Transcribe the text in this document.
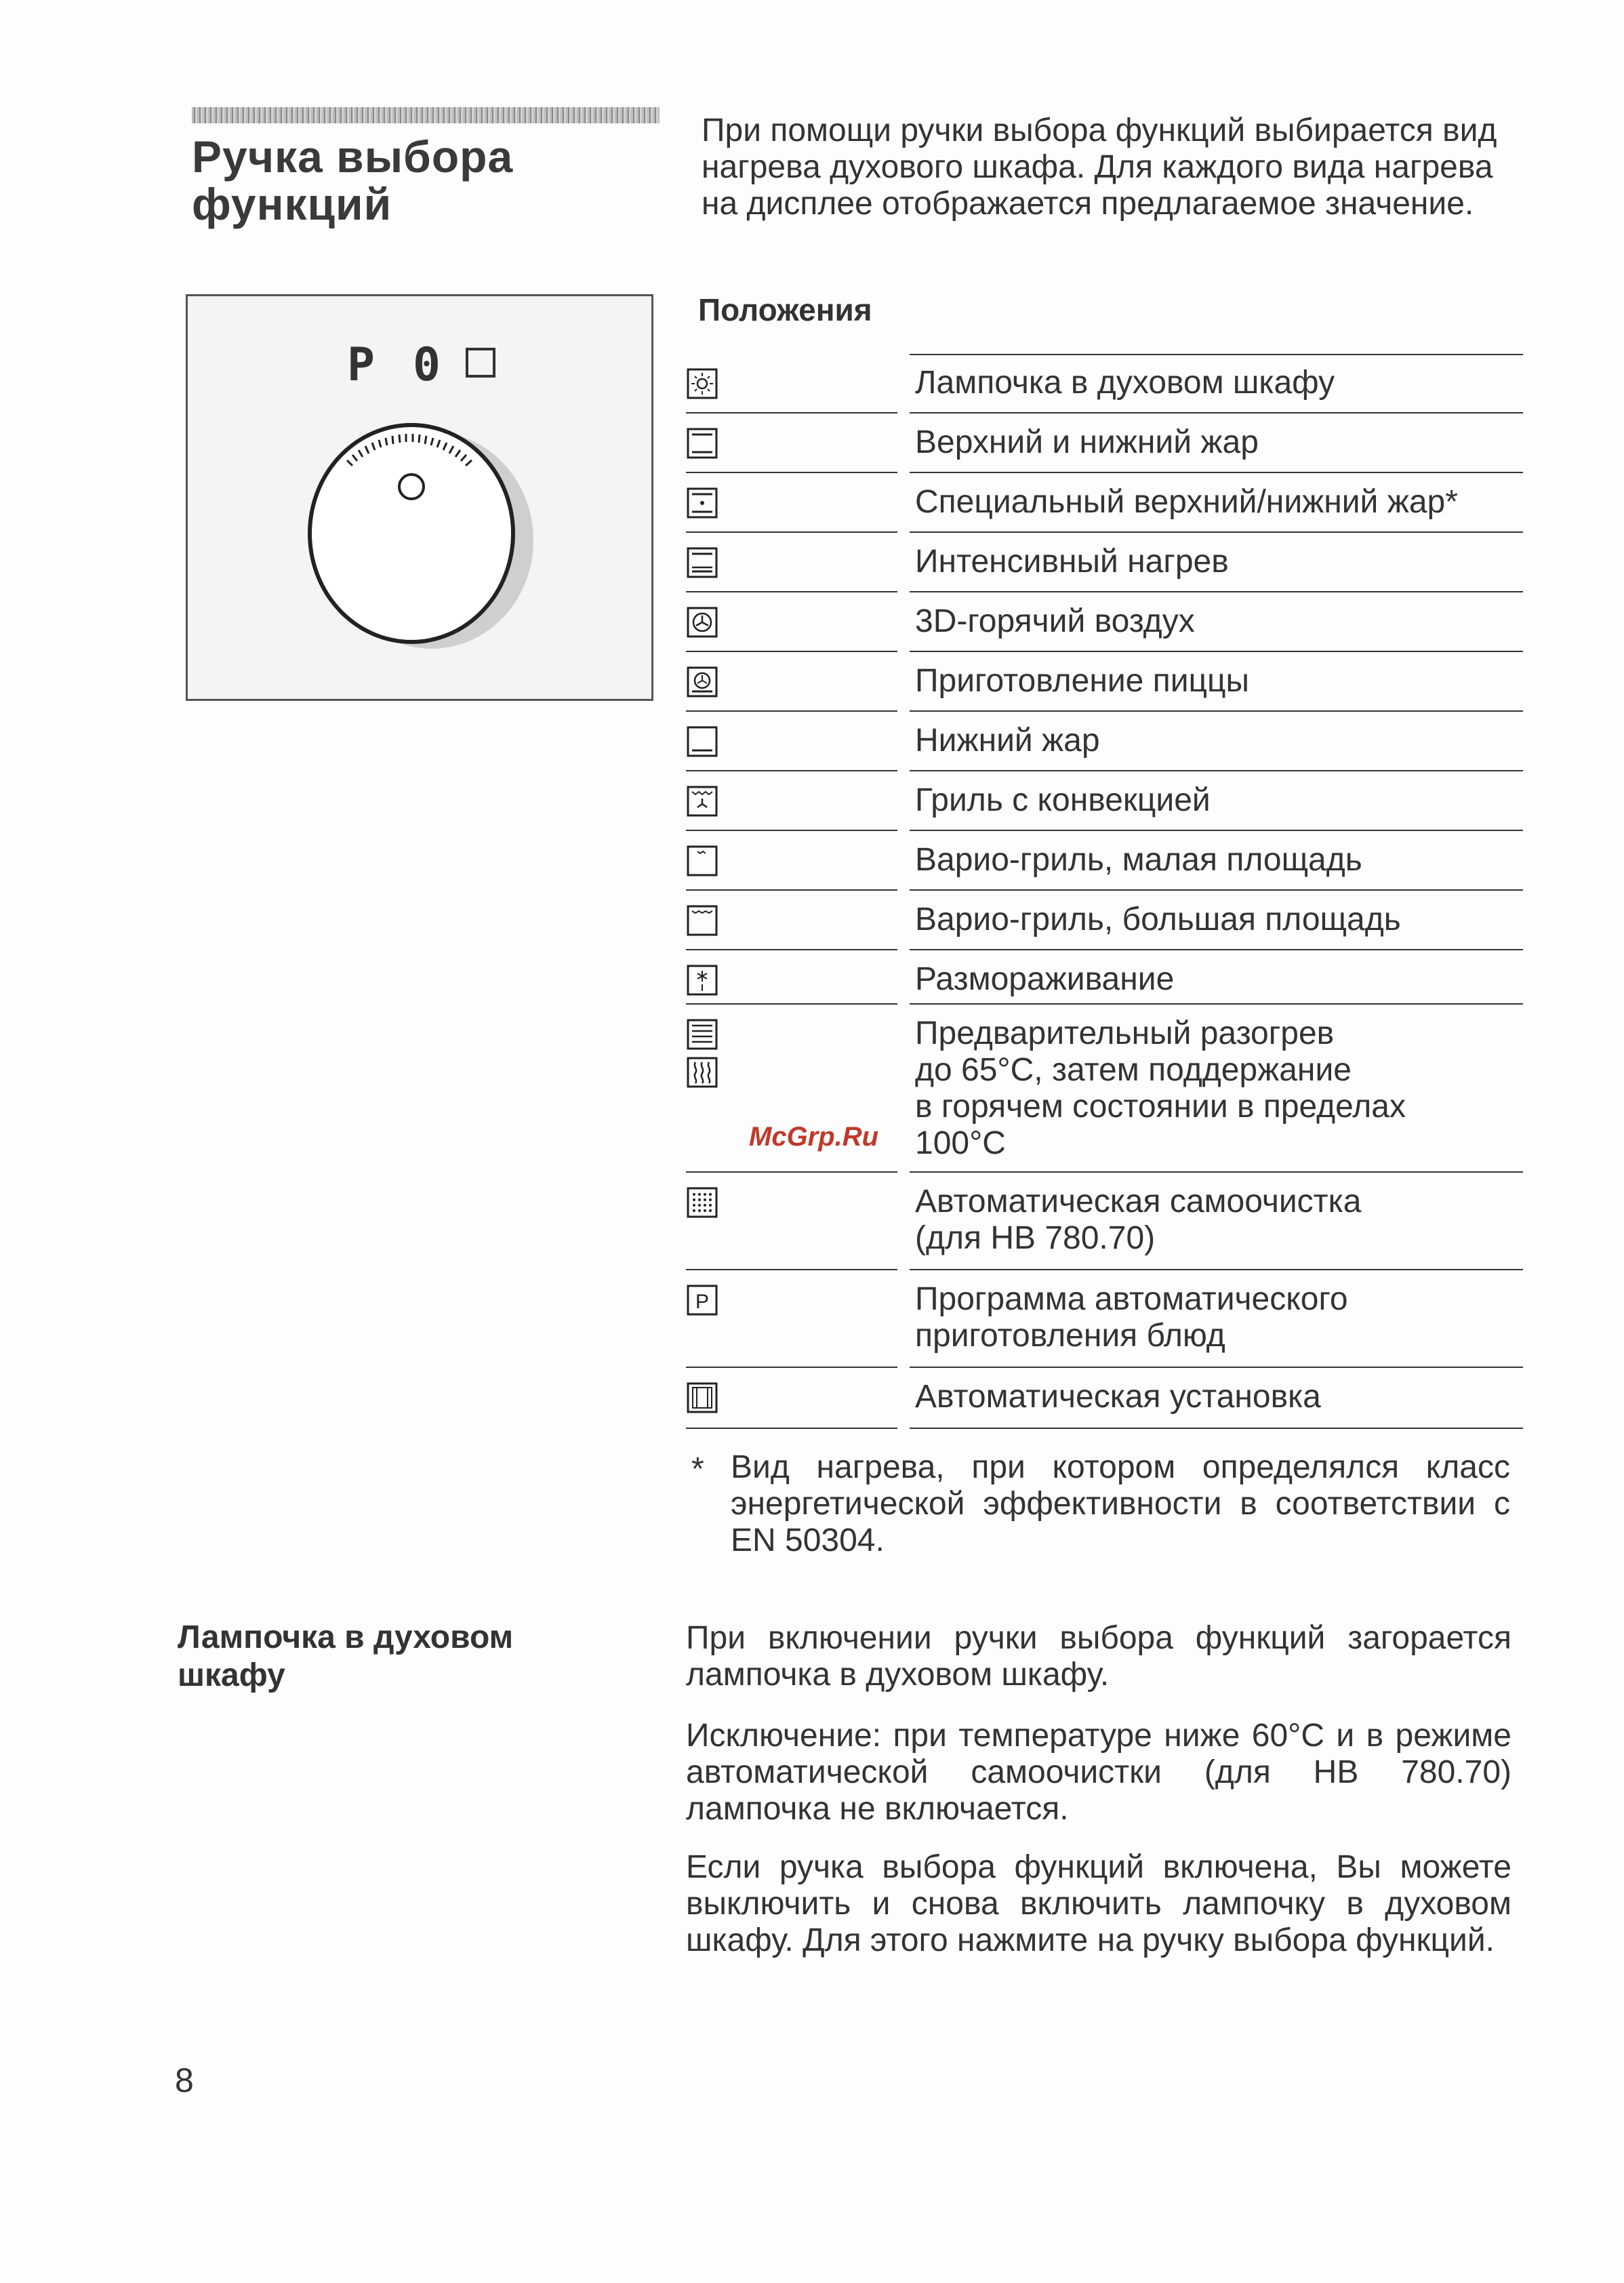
Ручка выбора
функций
P 0
Лампочка в духовом
шкафу
8
При помощи ручки выбора функций выбирается вид нагрева духового шкафа. Для каждого вида нагрева на дисплее отображается предлагаемое значение.
Положения
Лампочка в духовом шкафу
Верхний и нижний жар
Специальный верхний/нижний жар*
Интенсивный нагрев
3D-горячий воздух
Приготовление пиццы
Нижний жар
Гриль с конвекцией
Варио-гриль, малая площадь
Варио-гриль, большая площадь
Размораживание
Предварительный разогрев
до 65°C, затем поддержание
в горячем состоянии в пределах
100°C
Автоматическая самоочистка
(для HB 780.70)
P	Программа автоматического
приготовления блюд
Автоматическая установка
McGrp.Ru
* Вид нагрева, при котором определялся класс энергетической эффективности в соответствии с EN 50304.
При включении ручки выбора функций загорается лампочка в духовом шкафу.
Исключение: при температуре ниже 60°C и в режиме автоматической самоочистки (для HB 780.70) лампочка не включается.
Если ручка выбора функций включена, Вы можете выключить и снова включить лампочку в духовом шкафу. Для этого нажмите на ручку выбора функций.
